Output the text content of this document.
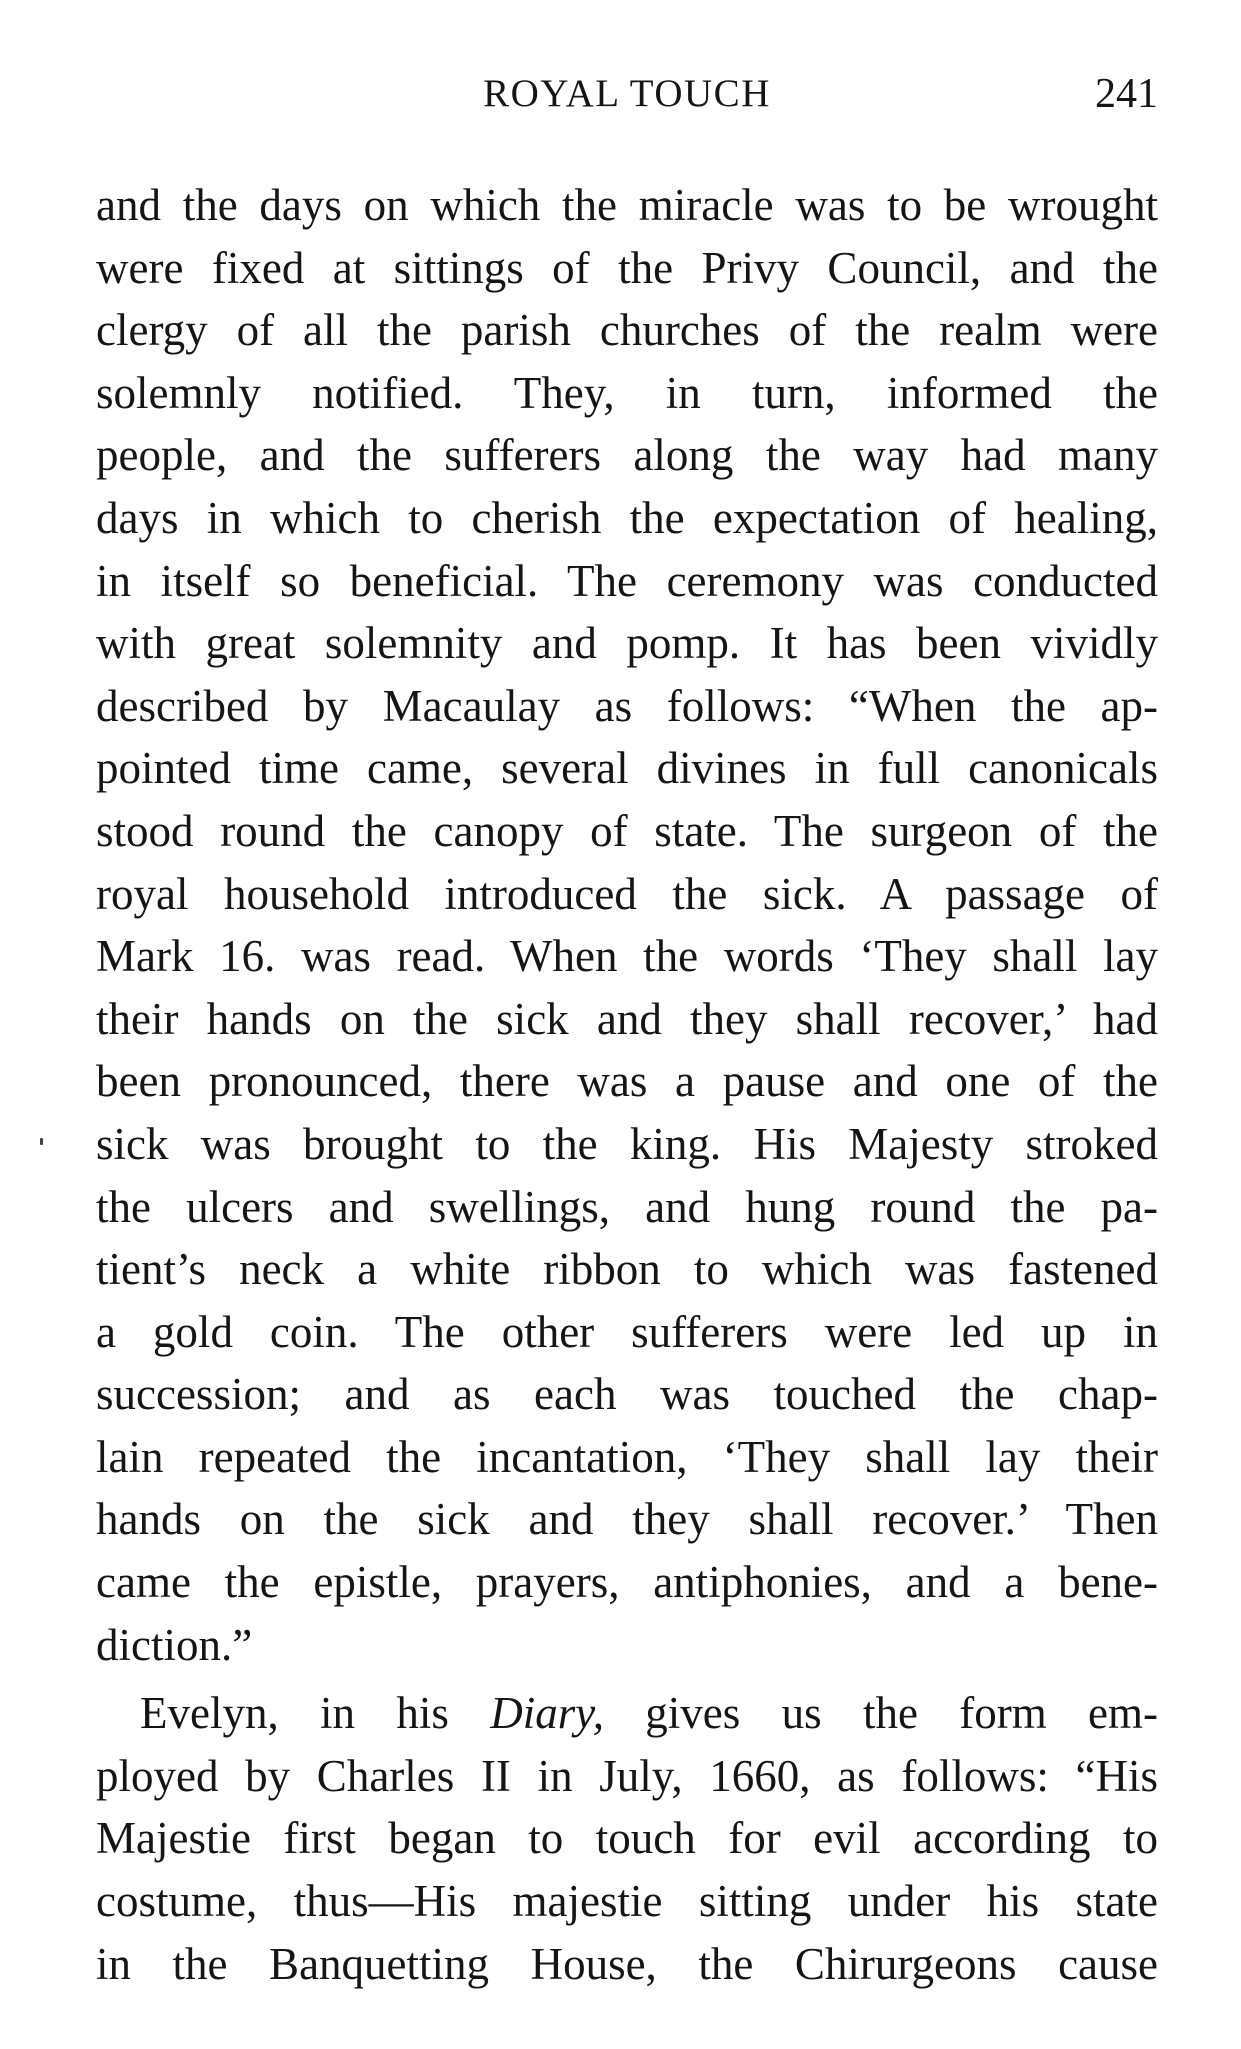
ROYAL TOUCH	241
and the days on which the miracle was to be wrought
were fixed at sittings of the Privy Council, and the
clergy of all the parish churches of the realm were
solemnly notified. They, in turn, informed the
people, and the sufferers along the way had many
days in which to cherish the expectation of healing,
in itself so beneficial. The ceremony was conducted
with great solemnity and pomp. It has been vividly
described by Macaulay as follows: “When the ap-
pointed time came, several divines in full canonicals
stood round the canopy of state. The surgeon of the
royal household introduced the sick. A passage of
Mark 16. was read. When the words ‘They shall lay
their hands on the sick and they shall recover,’ had
been pronounced, there was a pause and one of the
sick was brought to the king. His Majesty stroked
the ulcers and swellings, and hung round the pa-
tient’s neck a white ribbon to which was fastened
a gold coin. The other sufferers were led up in
succession; and as each was touched the chap-
lain repeated the incantation, ‘They shall lay their
hands on the sick and they shall recover.’ Then
came the epistle, prayers, antiphonies, and a bene-
diction.”
Evelyn, in his Diary, gives us the form em-
ployed by Charles II in July, 1660, as follows: “His
Majestie first began to touch for evil according to
costume, thus—His majestie sitting under his state
in the Banquetting House, the Chirurgeons cause
